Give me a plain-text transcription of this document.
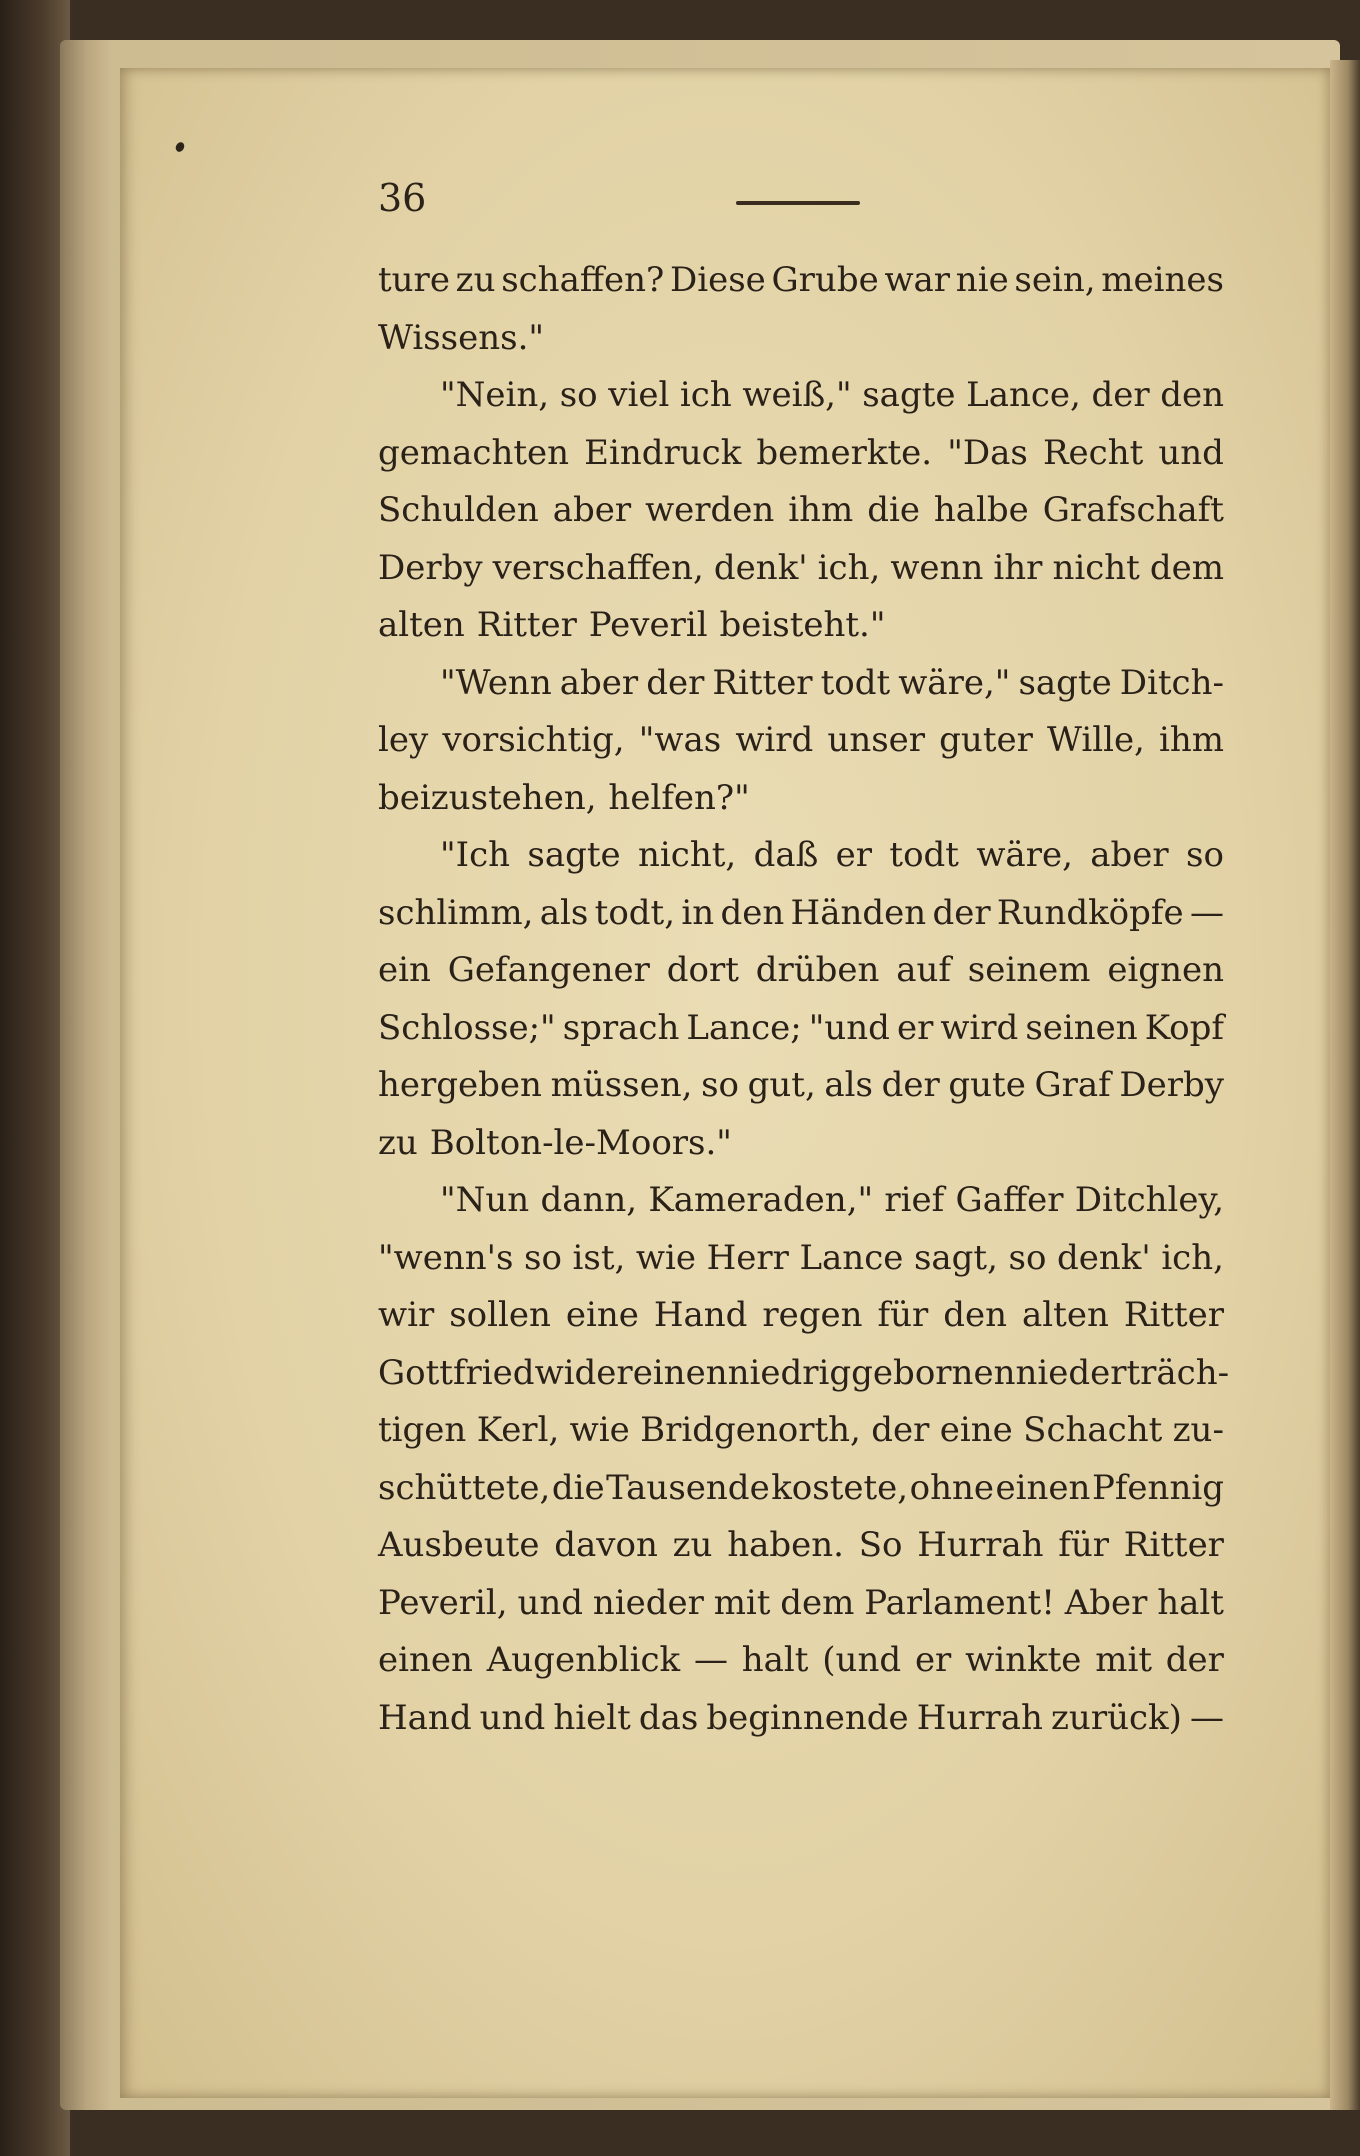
36

ture zu schaffen? Diese Grube war nie sein, meines
Wissens."
"Nein, so viel ich weiß," sagte Lance, der den
gemachten Eindruck bemerkte. "Das Recht und
Schulden aber werden ihm die halbe Grafschaft
Derby verschaffen, denk' ich, wenn ihr nicht dem
alten Ritter Peveril beisteht."
"Wenn aber der Ritter todt wäre," sagte Ditch-
ley vorsichtig, "was wird unser guter Wille, ihm
beizustehen, helfen?"
"Ich sagte nicht, daß er todt wäre, aber so
schlimm, als todt, in den Händen der Rundköpfe —
ein Gefangener dort drüben auf seinem eignen
Schlosse;" sprach Lance; "und er wird seinen Kopf
hergeben müssen, so gut, als der gute Graf Derby
zu Bolton-le-Moors."
"Nun dann, Kameraden," rief Gaffer Ditchley,
"wenn's so ist, wie Herr Lance sagt, so denk' ich,
wir sollen eine Hand regen für den alten Ritter
Gottfried wider einen niedrig gebornen niederträch-
tigen Kerl, wie Bridgenorth, der eine Schacht zu-
schüttete, die Tausende kostete, ohne einen Pfennig
Ausbeute davon zu haben. So Hurrah für Ritter
Peveril, und nieder mit dem Parlament! Aber halt
einen Augenblick — halt (und er winkte mit der
Hand und hielt das beginnende Hurrah zurück) —
